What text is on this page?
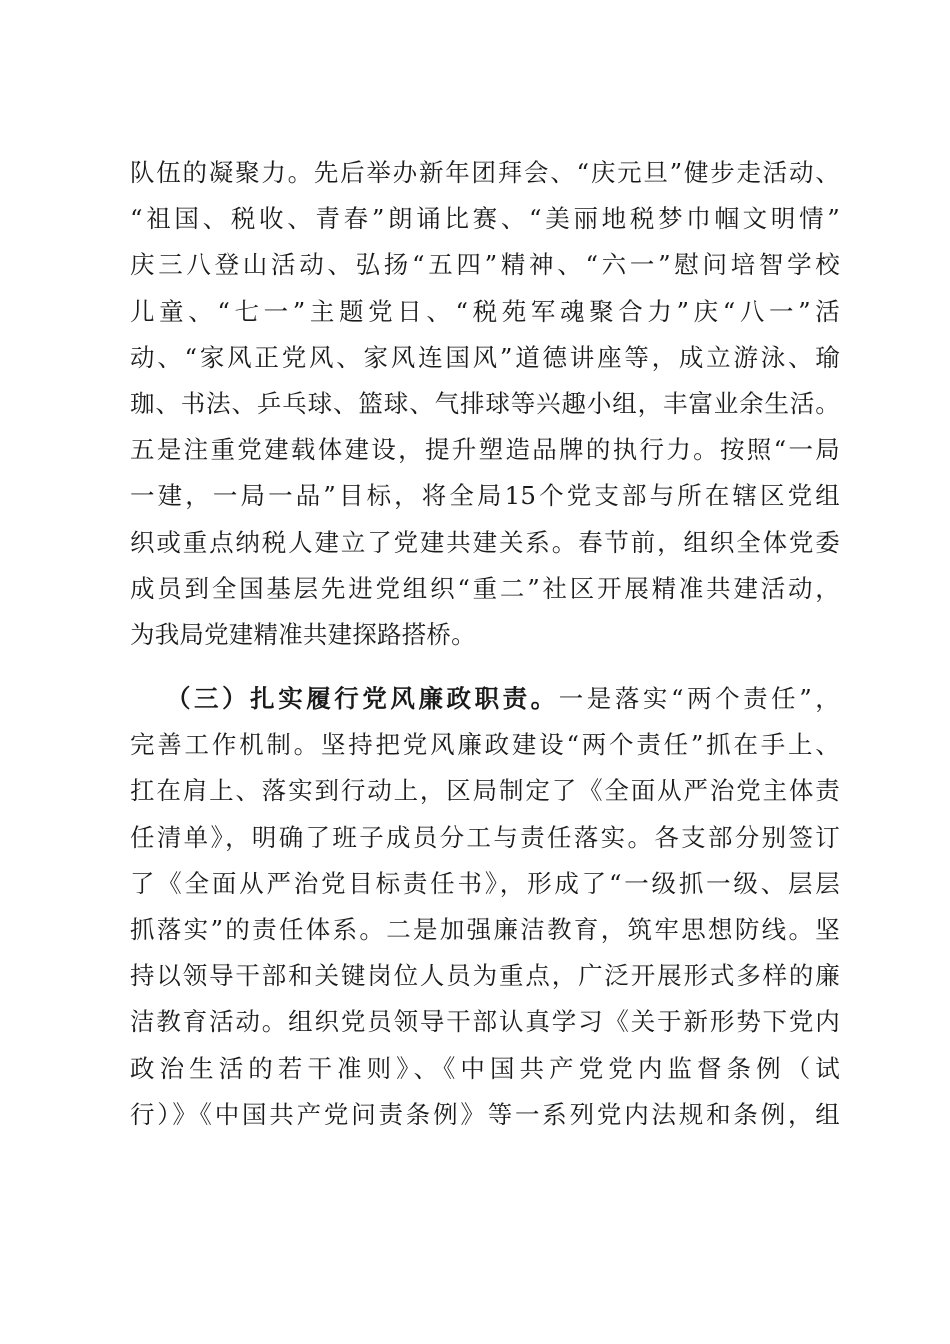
队伍的凝聚力。先后举办新年团拜会、“庆元旦”健步走活动、
“祖国、税收、青春”朗诵比赛、“美丽地税梦巾帼文明情”
庆三八登山活动、弘扬“五四”精神、“六一”慰问培智学校
儿童、“七一”主题党日、“税苑军魂聚合力”庆“八一”活
动、“家风正党风、家风连国风”道德讲座等，成立游泳、瑜
珈、书法、乒乓球、篮球、气排球等兴趣小组，丰富业余生活。
五是注重党建载体建设，提升塑造品牌的执行力。按照“一局
一建，一局一品”目标，将全局15个党支部与所在辖区党组
织或重点纳税人建立了党建共建关系。春节前，组织全体党委
成员到全国基层先进党组织“重二”社区开展精准共建活动，
为我局党建精准共建探路搭桥。
（三）扎实履行党风廉政职责。一是落实“两个责任”，
完善工作机制。坚持把党风廉政建设“两个责任”抓在手上、
扛在肩上、落实到行动上，区局制定了《全面从严治党主体责
任清单》，明确了班子成员分工与责任落实。各支部分别签订
了《全面从严治党目标责任书》，形成了“一级抓一级、层层
抓落实”的责任体系。二是加强廉洁教育，筑牢思想防线。坚
持以领导干部和关键岗位人员为重点，广泛开展形式多样的廉
洁教育活动。组织党员领导干部认真学习《关于新形势下党内
政治生活的若干准则》、《中国共产党党内监督条例（试
行）》《中国共产党问责条例》等一系列党内法规和条例，组
